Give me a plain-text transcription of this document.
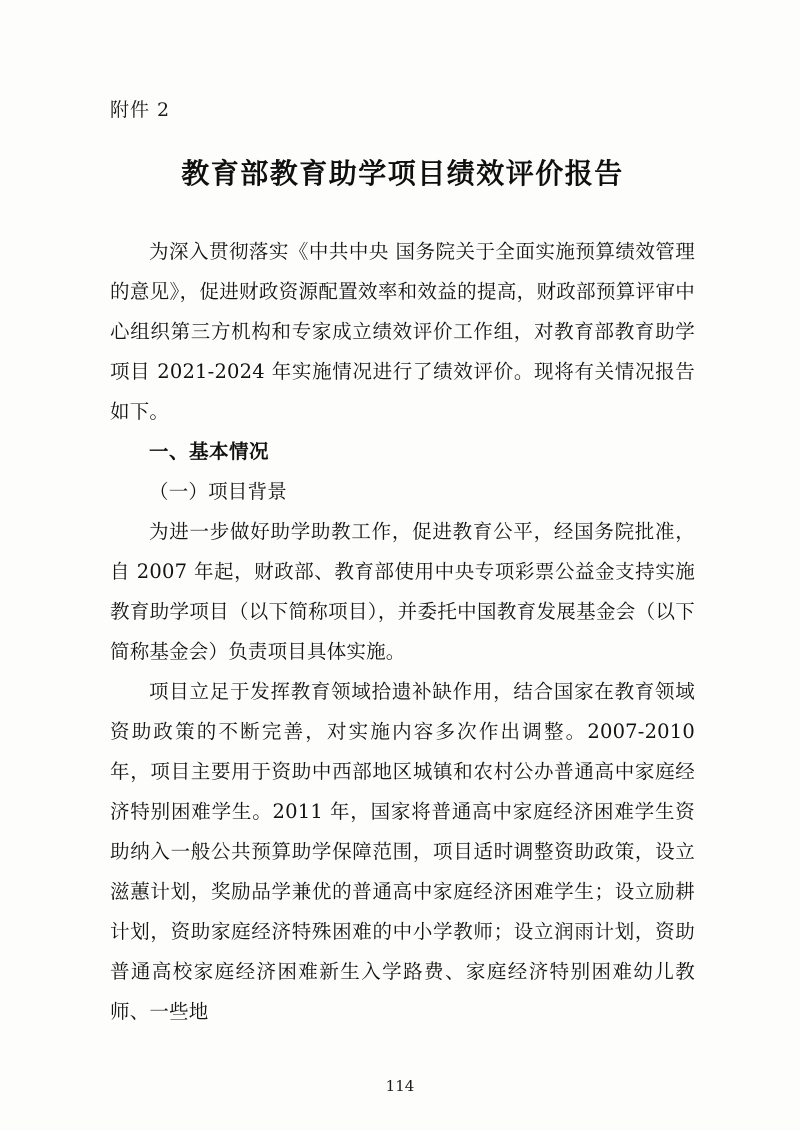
附件 2

教育部教育助学项目绩效评价报告

为深入贯彻落实《中共中央 国务院关于全面实施预算绩效管理的意见》，促进财政资源配置效率和效益的提高，财政部预算评审中心组织第三方机构和专家成立绩效评价工作组，对教育部教育助学项目 2021-2024 年实施情况进行了绩效评价。现将有关情况报告如下。

一、基本情况

（一）项目背景

为进一步做好助学助教工作，促进教育公平，经国务院批准，自 2007 年起，财政部、教育部使用中央专项彩票公益金支持实施教育助学项目（以下简称项目），并委托中国教育发展基金会（以下简称基金会）负责项目具体实施。

项目立足于发挥教育领域拾遗补缺作用，结合国家在教育领域资助政策的不断完善，对实施内容多次作出调整。2007-2010 年，项目主要用于资助中西部地区城镇和农村公办普通高中家庭经济特别困难学生。2011 年，国家将普通高中家庭经济困难学生资助纳入一般公共预算助学保障范围，项目适时调整资助政策，设立滋蕙计划，奖励品学兼优的普通高中家庭经济困难学生；设立励耕计划，资助家庭经济特殊困难的中小学教师；设立润雨计划，资助普通高校家庭经济困难新生入学路费、家庭经济特别困难幼儿教师、一些地

114
